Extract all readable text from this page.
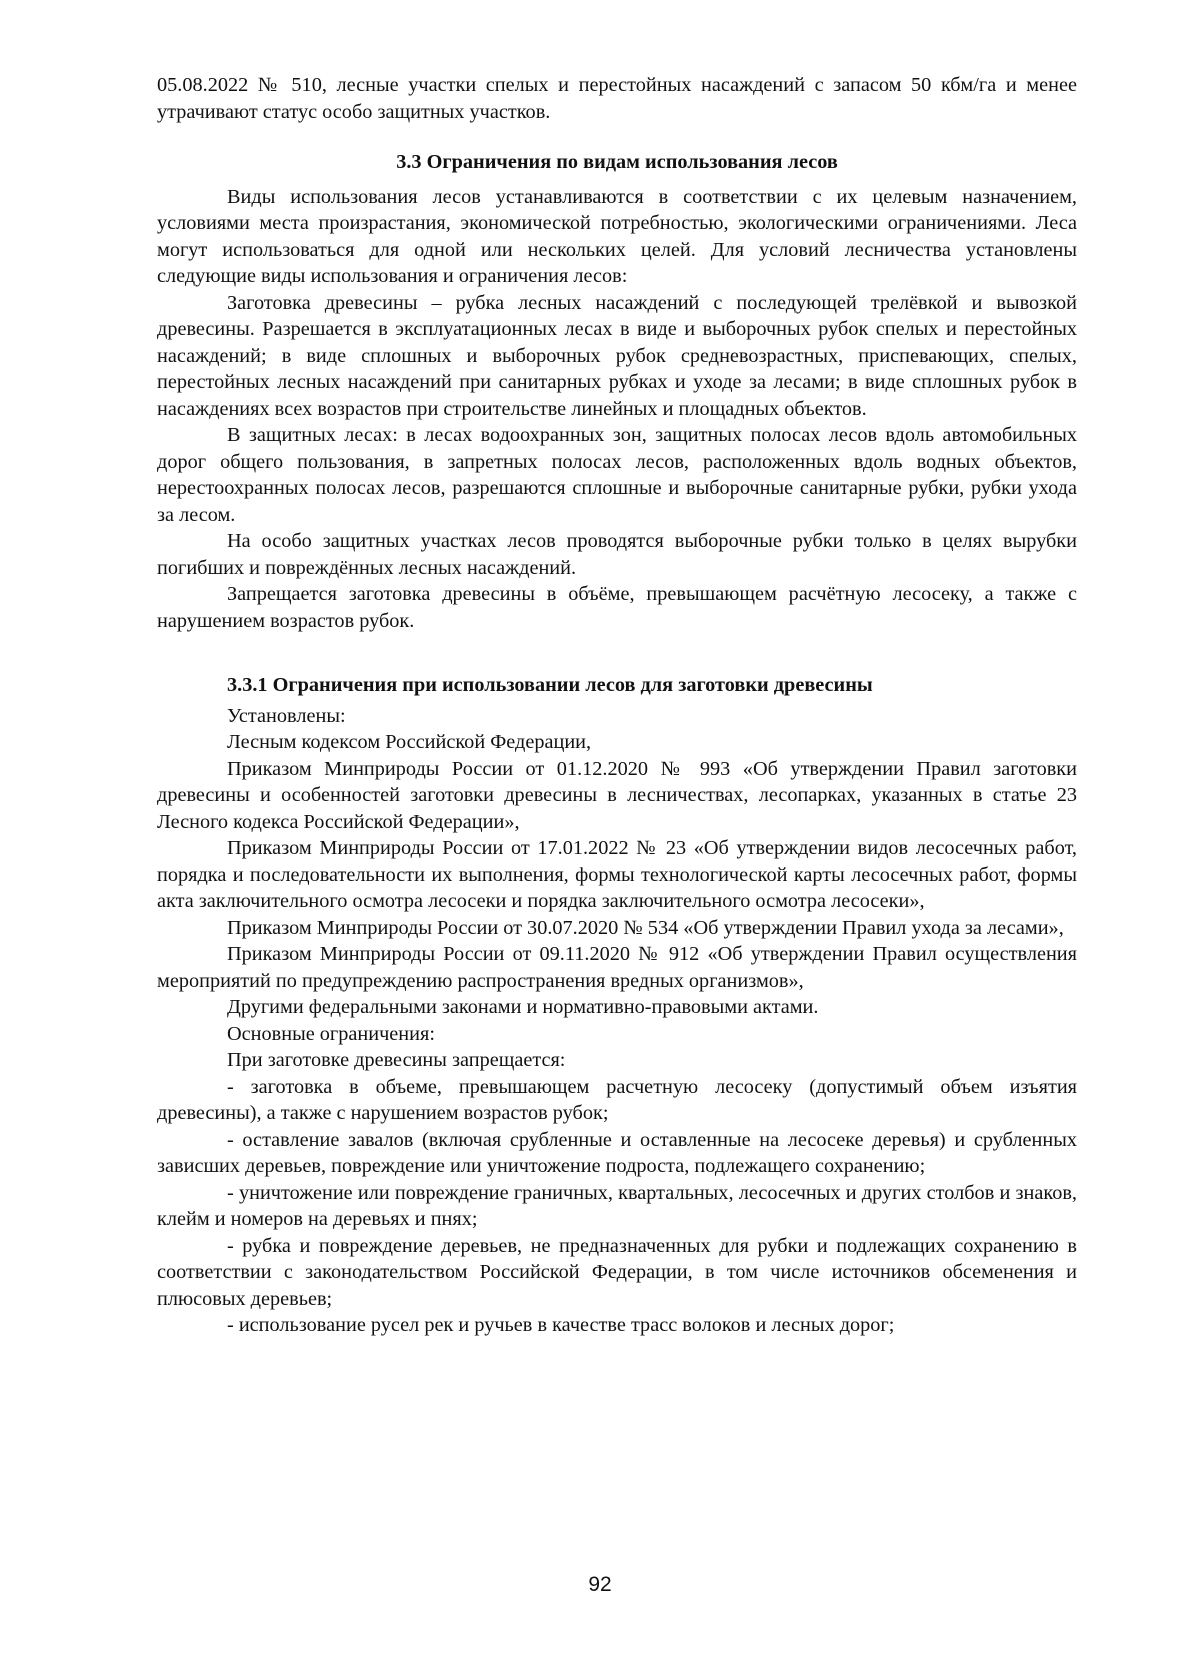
05.08.2022 № 510, лесные участки спелых и перестойных насаждений с запасом 50 кбм/га и менее утрачивают статус особо защитных участков.

3.3 Ограничения по видам использования лесов

Виды использования лесов устанавливаются в соответствии с их целевым назначением, условиями места произрастания, экономической потребностью, экологическими ограничениями. Леса могут использоваться для одной или нескольких целей. Для условий лесничества установлены следующие виды использования и ограничения лесов:

Заготовка древесины – рубка лесных насаждений с последующей трелёвкой и вывозкой древесины. Разрешается в эксплуатационных лесах в виде и выборочных рубок спелых и перестойных насаждений; в виде сплошных и выборочных рубок средневозрастных, приспевающих, спелых, перестойных лесных насаждений при санитарных рубках и уходе за лесами; в виде сплошных рубок в насаждениях всех возрастов при строительстве линейных и площадных объектов.

В защитных лесах: в лесах водоохранных зон, защитных полосах лесов вдоль автомобильных дорог общего пользования, в запретных полосах лесов, расположенных вдоль водных объектов, нерестоохранных полосах лесов, разрешаются сплошные и выборочные санитарные рубки, рубки ухода за лесом.

На особо защитных участках лесов проводятся выборочные рубки только в целях вырубки погибших и повреждённых лесных насаждений.

Запрещается заготовка древесины в объёме, превышающем расчётную лесосеку, а также с нарушением возрастов рубок.

3.3.1 Ограничения при использовании лесов для заготовки древесины

Установлены:

Лесным кодексом Российской Федерации,

Приказом Минприроды России от 01.12.2020 № 993 «Об утверждении Правил заготовки древесины и особенностей заготовки древесины в лесничествах, лесопарках, указанных в статье 23 Лесного кодекса Российской Федерации»,

Приказом Минприроды России от 17.01.2022 № 23 «Об утверждении видов лесосечных работ, порядка и последовательности их выполнения, формы технологической карты лесосечных работ, формы акта заключительного осмотра лесосеки и порядка заключительного осмотра лесосеки»,

Приказом Минприроды России от 30.07.2020 № 534 «Об утверждении Правил ухода за лесами»,

Приказом Минприроды России от 09.11.2020 № 912 «Об утверждении Правил осуществления мероприятий по предупреждению распространения вредных организмов»,

Другими федеральными законами и нормативно-правовыми актами.

Основные ограничения:

При заготовке древесины запрещается:

- заготовка в объеме, превышающем расчетную лесосеку (допустимый объем изъятия древесины), а также с нарушением возрастов рубок;

- оставление завалов (включая срубленные и оставленные на лесосеке деревья) и срубленных зависших деревьев, повреждение или уничтожение подроста, подлежащего сохранению;

- уничтожение или повреждение граничных, квартальных, лесосечных и других столбов и знаков, клейм и номеров на деревьях и пнях;

- рубка и повреждение деревьев, не предназначенных для рубки и подлежащих сохранению в соответствии с законодательством Российской Федерации, в том числе источников обсеменения и плюсовых деревьев;

- использование русел рек и ручьев в качестве трасс волоков и лесных дорог;

92
